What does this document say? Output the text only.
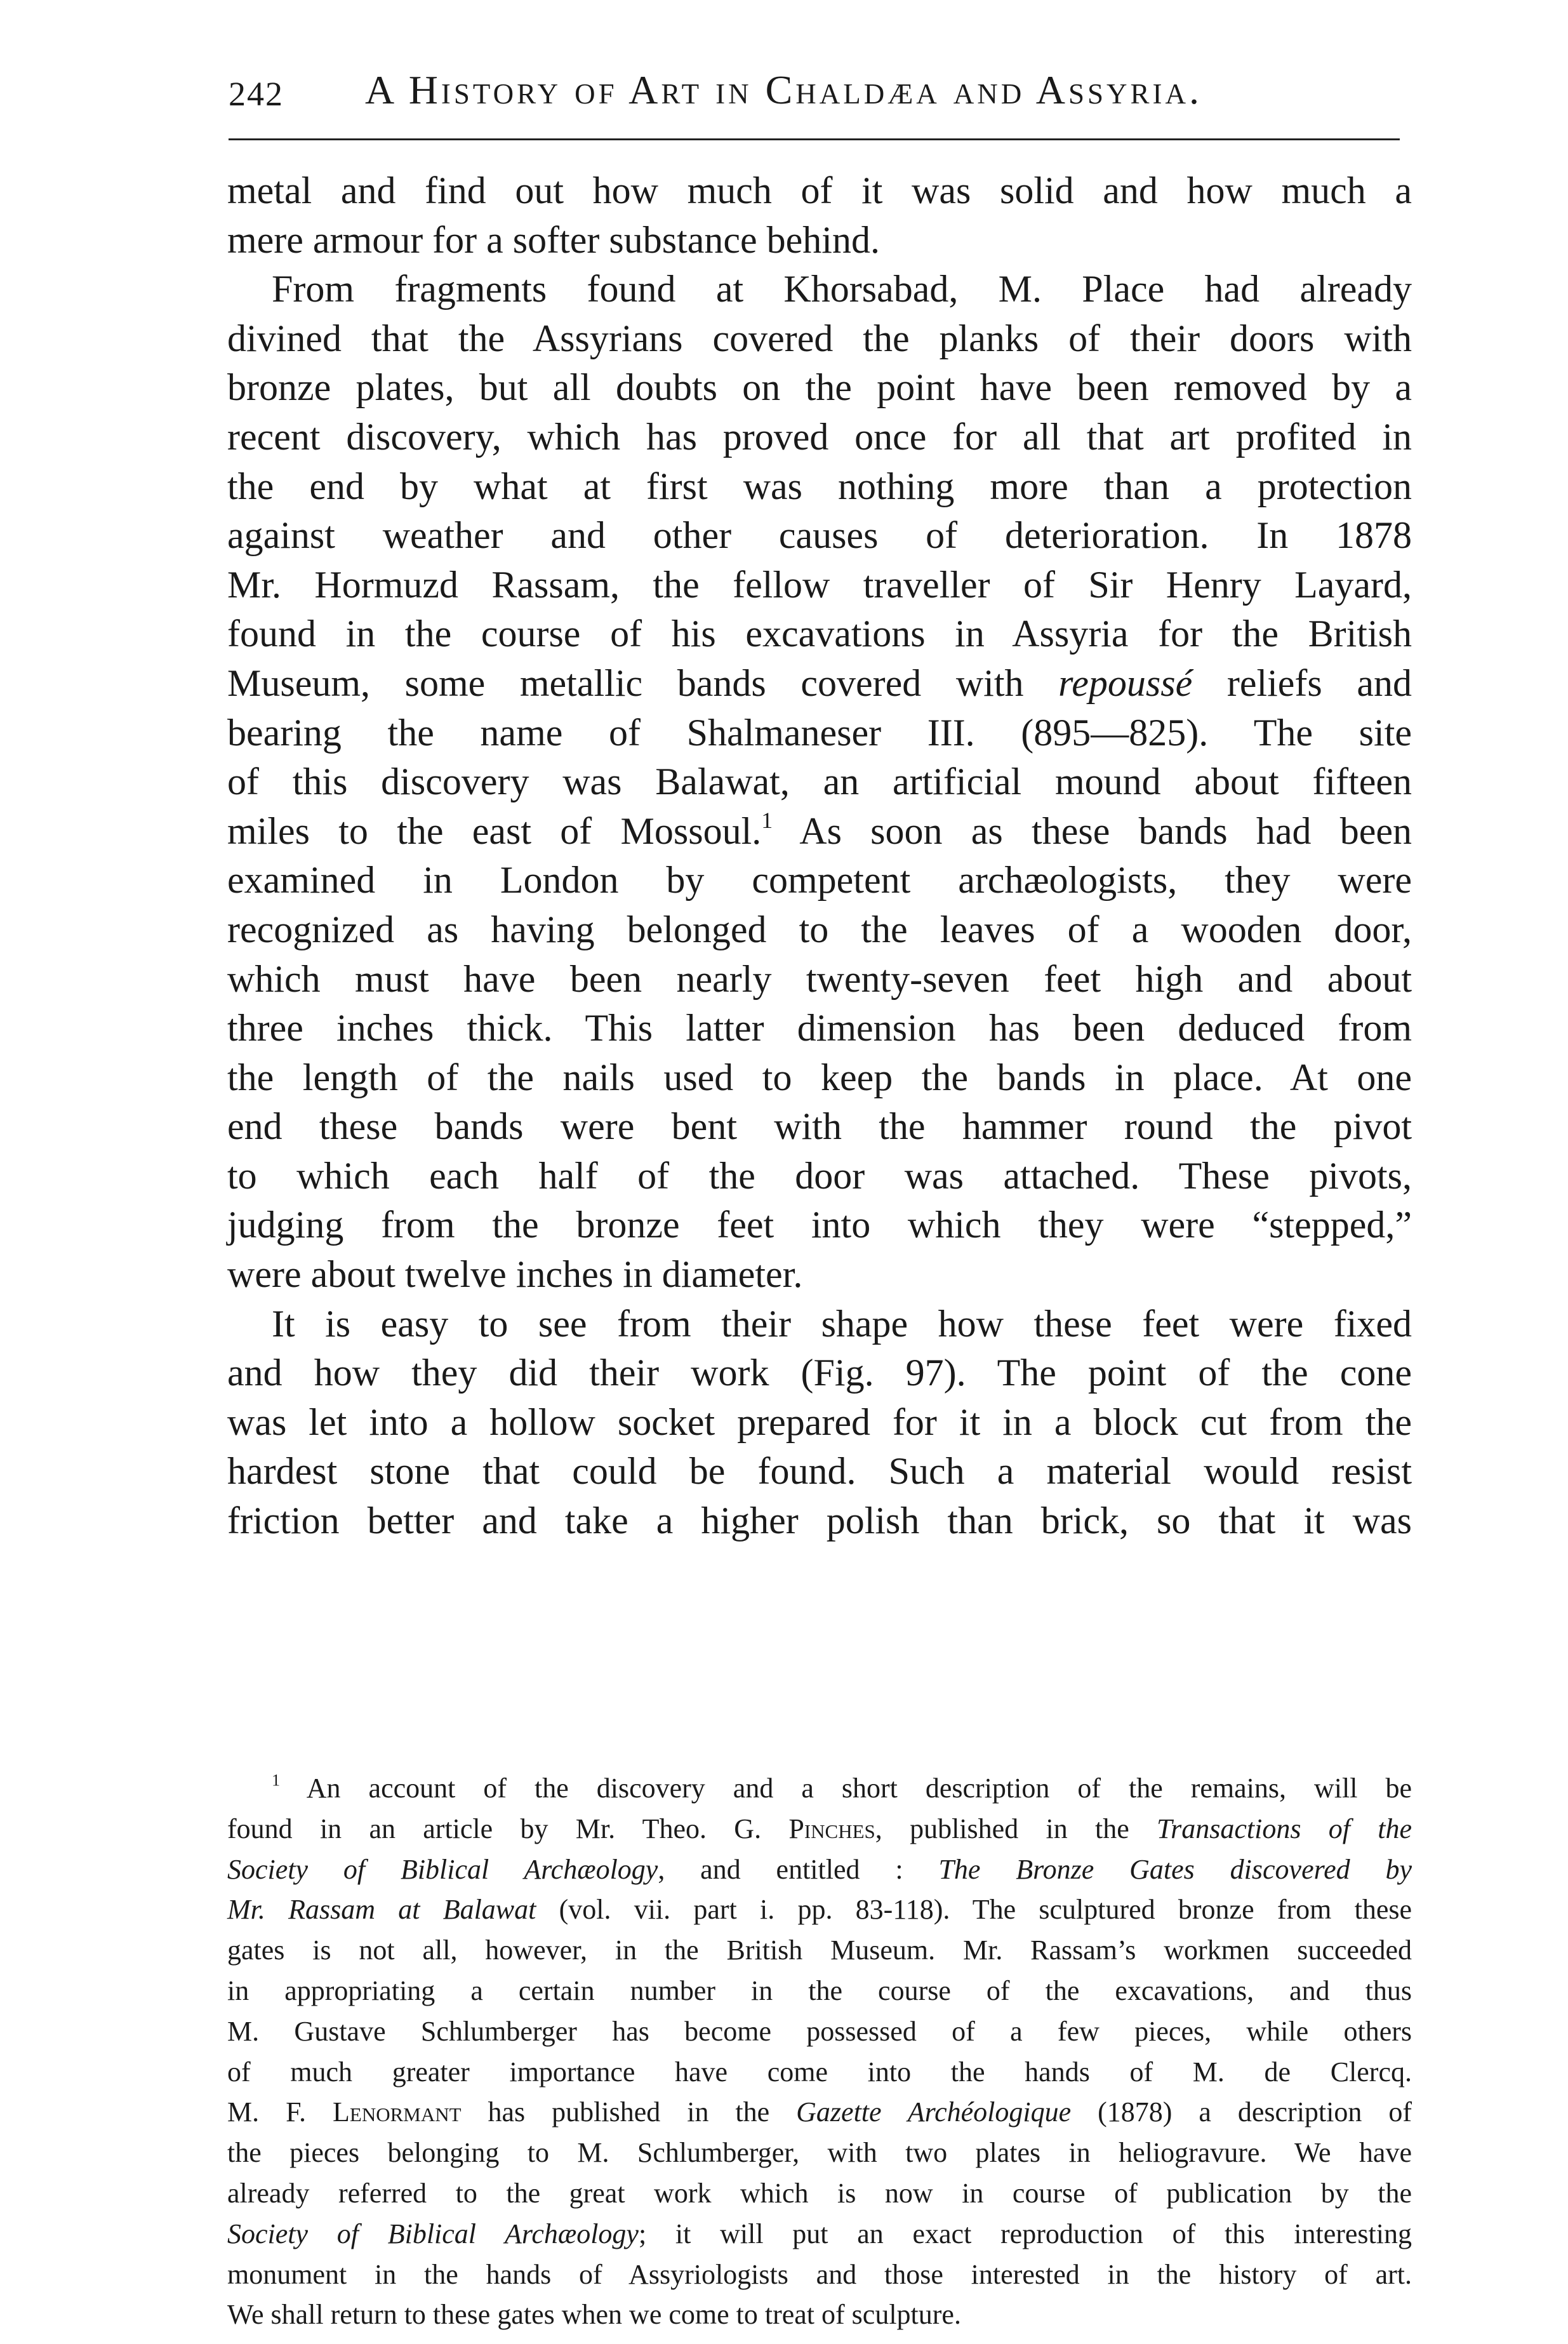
242 A History of Art in Chaldæa and Assyria.
metal and find out how much of it was solid and how much a
mere armour for a softer substance behind.
From fragments found at Khorsabad, M. Place had already
divined that the Assyrians covered the planks of their doors with
bronze plates, but all doubts on the point have been removed by a
recent discovery, which has proved once for all that art profited in
the end by what at first was nothing more than a protection
against weather and other causes of deterioration. In 1878
Mr. Hormuzd Rassam, the fellow traveller of Sir Henry Layard,
found in the course of his excavations in Assyria for the British
Museum, some metallic bands covered with repoussé reliefs and
bearing the name of Shalmaneser III. (895—825). The site
of this discovery was Balawat, an artificial mound about fifteen
miles to the east of Mossoul.$^1$ As soon as these bands had been
examined in London by competent archæologists, they were
recognized as having belonged to the leaves of a wooden door,
which must have been nearly twenty-seven feet high and about
three inches thick. This latter dimension has been deduced from
the length of the nails used to keep the bands in place. At one
end these bands were bent with the hammer round the pivot
to which each half of the door was attached. These pivots,
judging from the bronze feet into which they were “stepped,”
were about twelve inches in diameter.
It is easy to see from their shape how these feet were fixed
and how they did their work (Fig. 97). The point of the cone
was let into a hollow socket prepared for it in a block cut from the
hardest stone that could be found. Such a material would resist
friction better and take a higher polish than brick, so that it was
$^1$ An account of the discovery and a short description of the remains, will be
found in an article by Mr. Theo. G. Pinches, published in the Transactions of the
Society of Biblical Archæology, and entitled : The Bronze Gates discovered by
Mr. Rassam at Balawat (vol. vii. part i. pp. 83-118). The sculptured bronze from these
gates is not all, however, in the British Museum. Mr. Rassam’s workmen succeeded
in appropriating a certain number in the course of the excavations, and thus
M. Gustave Schlumberger has become possessed of a few pieces, while others
of much greater importance have come into the hands of M. de Clercq.
M. F. Lenormant has published in the Gazette Archéologique (1878) a description of
the pieces belonging to M. Schlumberger, with two plates in heliogravure. We have
already referred to the great work which is now in course of publication by the
Society of Biblical Archæology; it will put an exact reproduction of this interesting
monument in the hands of Assyriologists and those interested in the history of art.
We shall return to these gates when we come to treat of sculpture.
